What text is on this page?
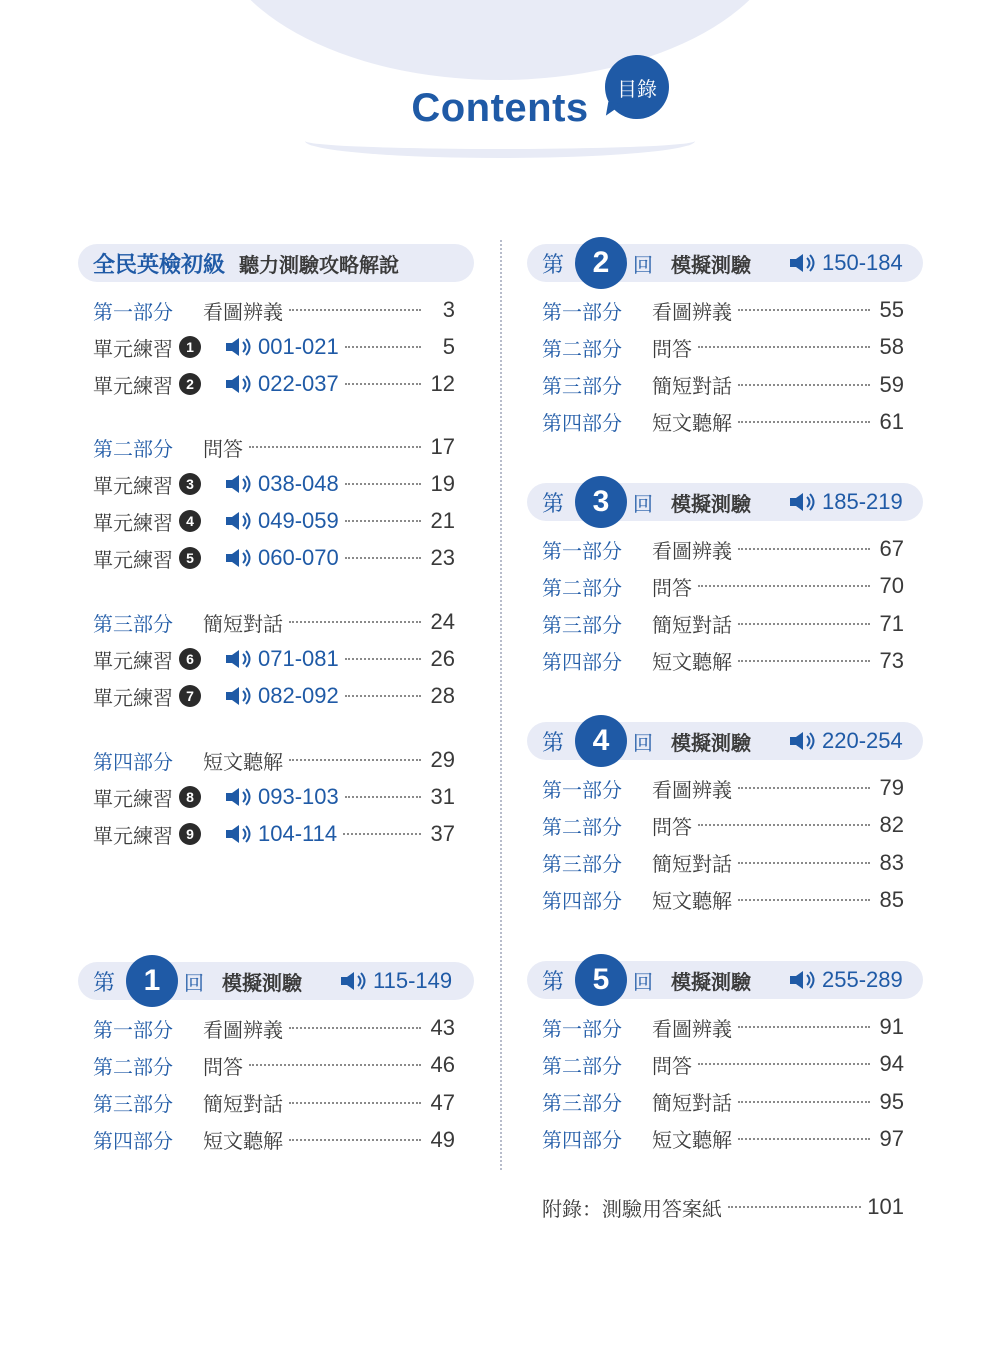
Contents	目錄
全民英檢初級 聽力測驗攻略解說
第一部分	看圖辨義	3
單元練習 1	001-021	5
單元練習 2	022-037	12
第二部分	問答	17
單元練習 3	038-048	19
單元練習 4	049-059	21
單元練習 5	060-070	23
第三部分	簡短對話	24
單元練習 6	071-081	26
單元練習 7	082-092	28
第四部分	短文聽解	29
單元練習 8	093-103	31
單元練習 9	104-114	37
第 1	回 模擬測驗	115-149
第一部分	看圖辨義	43
第二部分	問答	46
第三部分	簡短對話	47
第四部分	短文聽解	49
第 2	回 模擬測驗	150-184
第一部分	看圖辨義	55
第二部分	問答	58
第三部分	簡短對話	59
第四部分	短文聽解	61
第 3	回 模擬測驗	185-219
第一部分	看圖辨義	67
第二部分	問答	70
第三部分	簡短對話	71
第四部分	短文聽解	73
第 4	回 模擬測驗	220-254
第一部分	看圖辨義	79
第二部分	問答	82
第三部分	簡短對話	83
第四部分	短文聽解	85
第 5	回 模擬測驗	255-289
第一部分	看圖辨義	91
第二部分	問答	94
第三部分	簡短對話	95
第四部分	短文聽解	97
附錄：測驗用答案紙	101
